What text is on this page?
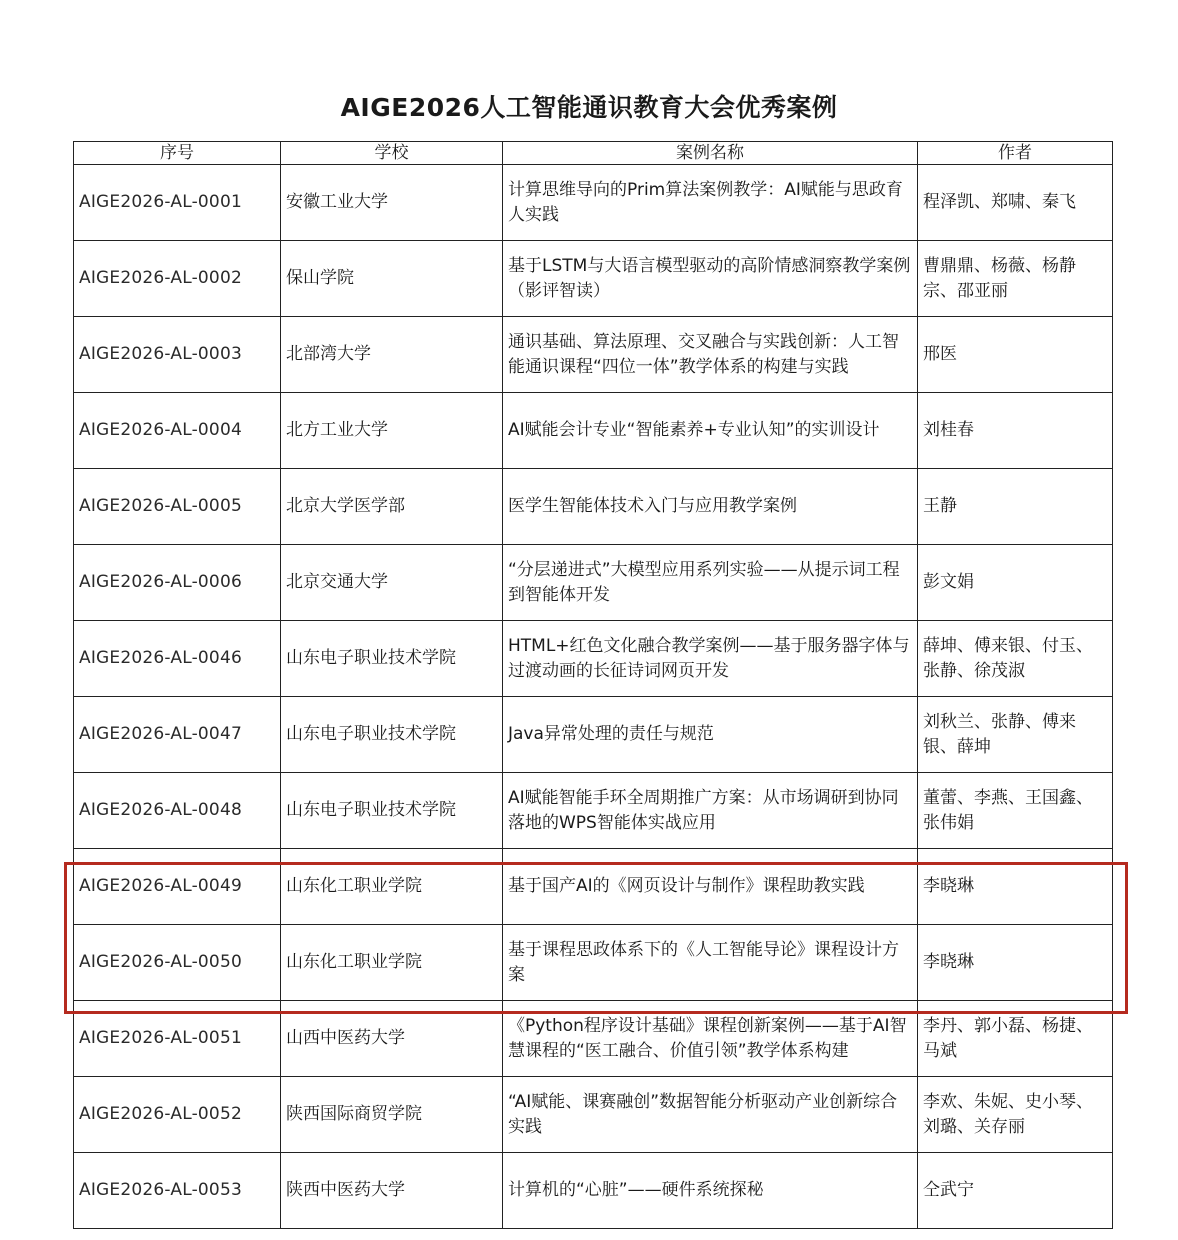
AIGE2026人工智能通识教育大会优秀案例
序号	学校	案例名称	作者
AIGE2026-AL-0001	安徽工业大学	计算思维导向的Prim算法案例教学：AI赋能与思政育人实践	程泽凯、郑啸、秦飞
AIGE2026-AL-0002	保山学院	基于LSTM与大语言模型驱动的高阶情感洞察教学案例（影评智读）	曹鼎鼎、杨薇、杨静宗、邵亚丽
AIGE2026-AL-0003	北部湾大学	通识基础、算法原理、交叉融合与实践创新：人工智能通识课程“四位一体”教学体系的构建与实践	邢医
AIGE2026-AL-0004	北方工业大学	AI赋能会计专业“智能素养+专业认知”的实训设计	刘桂春
AIGE2026-AL-0005	北京大学医学部	医学生智能体技术入门与应用教学案例	王静
AIGE2026-AL-0006	北京交通大学	“分层递进式”大模型应用系列实验——从提示词工程到智能体开发	彭文娟
AIGE2026-AL-0046	山东电子职业技术学院	HTML+红色文化融合教学案例——基于服务器字体与过渡动画的长征诗词网页开发	薛坤、傅来银、付玉、张静、徐茂淑
AIGE2026-AL-0047	山东电子职业技术学院	Java异常处理的责任与规范	刘秋兰、张静、傅来银、薛坤
AIGE2026-AL-0048	山东电子职业技术学院	AI赋能智能手环全周期推广方案：从市场调研到协同落地的WPS智能体实战应用	董蕾、李燕、王国鑫、张伟娟
AIGE2026-AL-0049	山东化工职业学院	基于国产AI的《网页设计与制作》课程助教实践	李晓琳
AIGE2026-AL-0050	山东化工职业学院	基于课程思政体系下的《人工智能导论》课程设计方案	李晓琳
AIGE2026-AL-0051	山西中医药大学	《Python程序设计基础》课程创新案例——基于AI智慧课程的“医工融合、价值引领”教学体系构建	李丹、郭小磊、杨捷、马斌
AIGE2026-AL-0052	陕西国际商贸学院	“AI赋能、课赛融创”数据智能分析驱动产业创新综合实践	李欢、朱妮、史小琴、刘璐、关存丽
AIGE2026-AL-0053	陕西中医药大学	计算机的“心脏”——硬件系统探秘	仝武宁
